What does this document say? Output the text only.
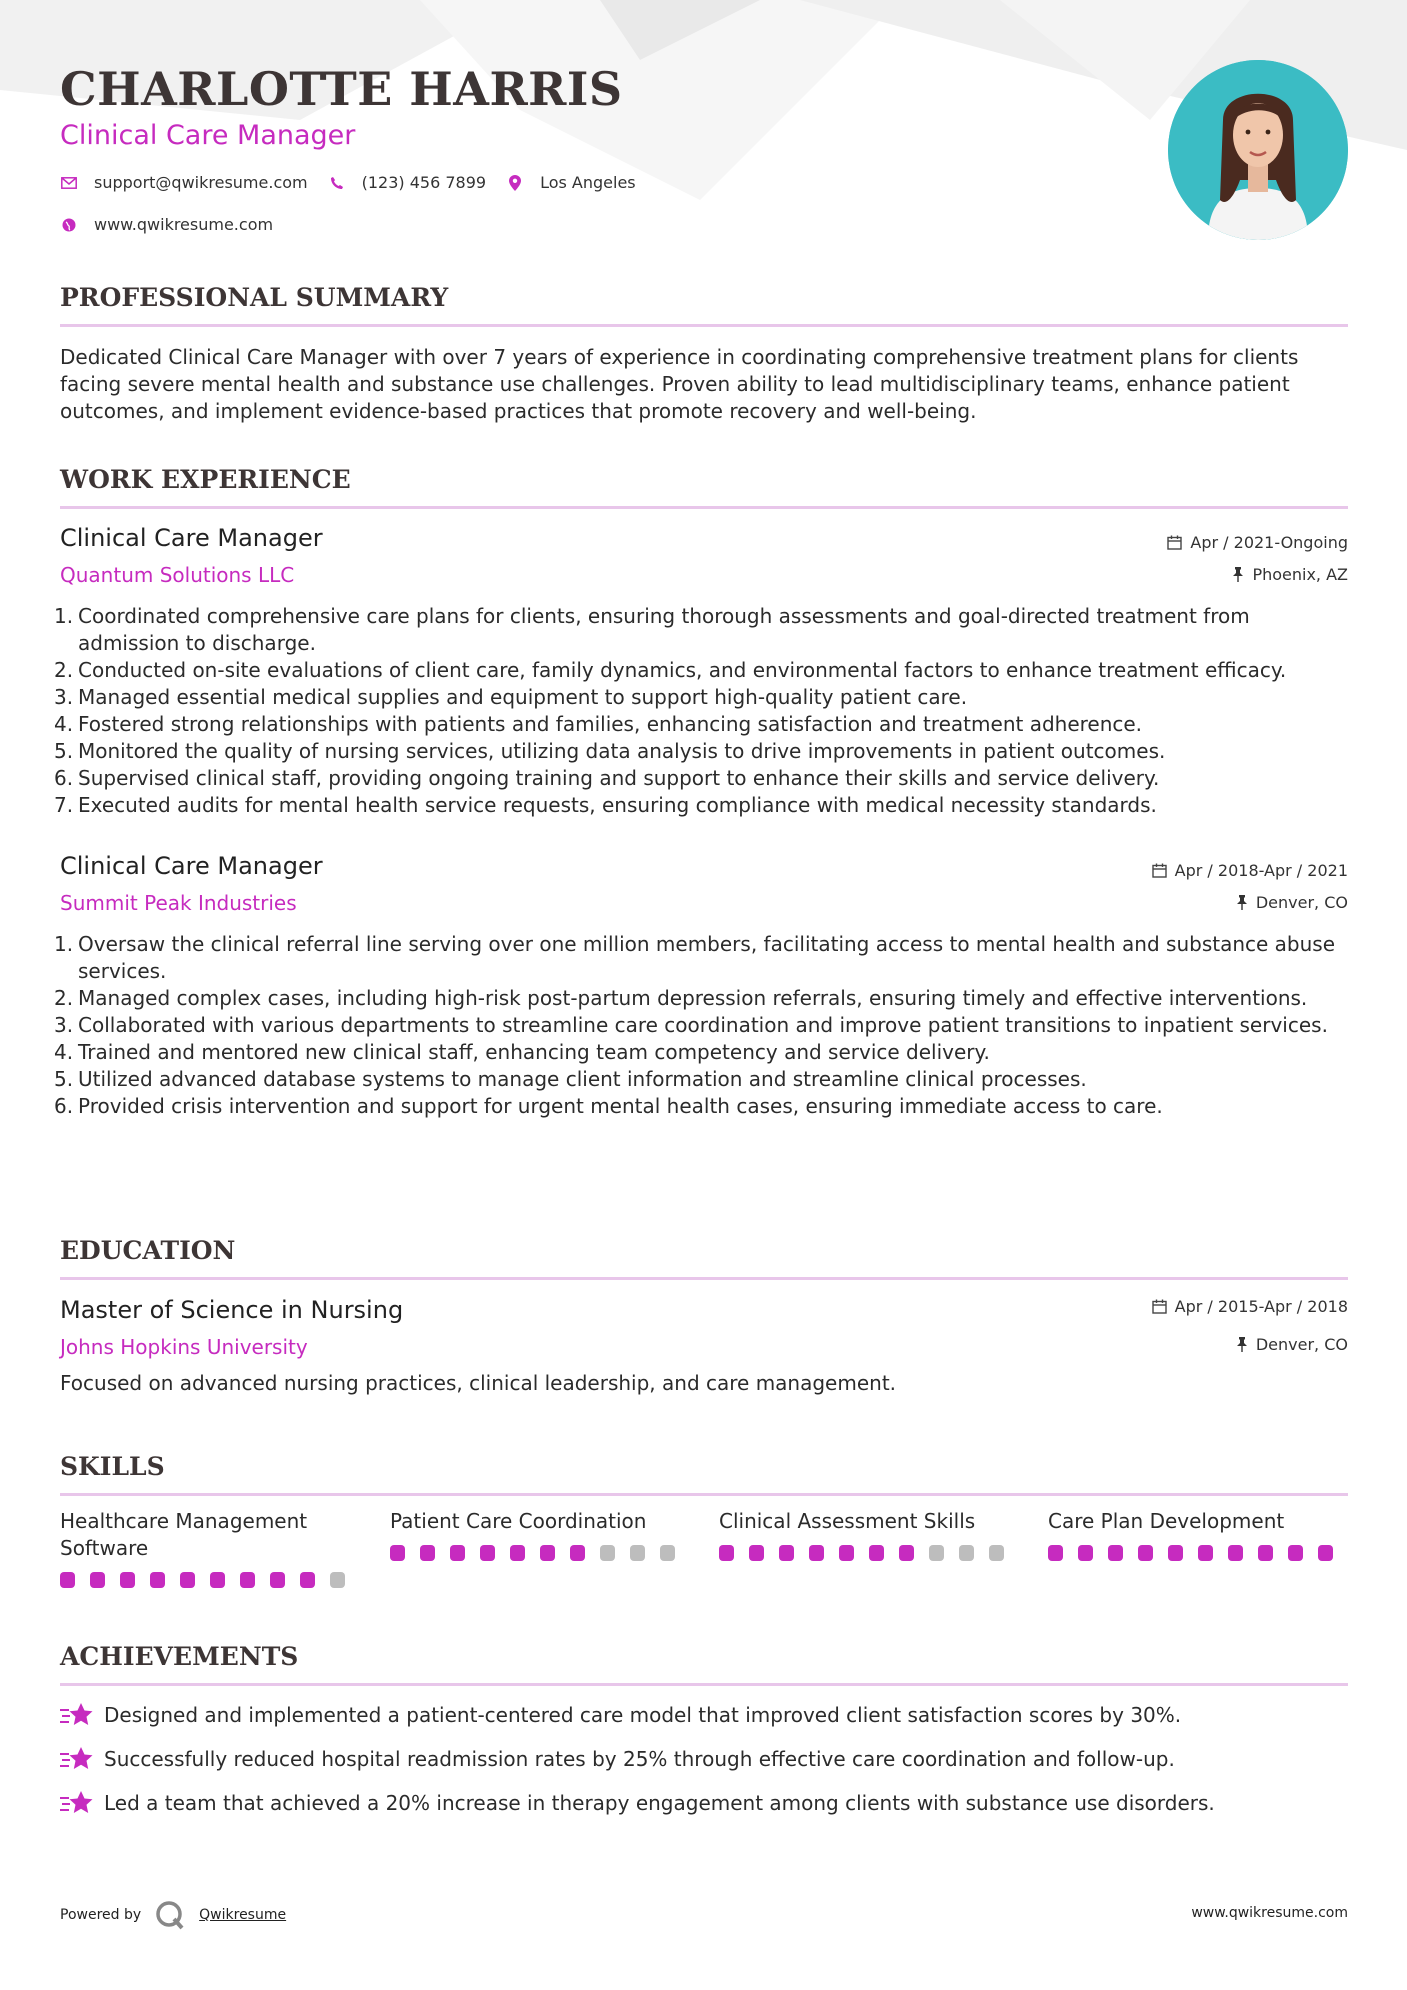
CHARLOTTE HARRIS
Clinical Care Manager
support@qwikresume.com	(123) 456 7899	Los Angeles
www.qwikresume.com
PROFESSIONAL SUMMARY
Dedicated Clinical Care Manager with over 7 years of experience in coordinating comprehensive treatment plans for clients facing severe mental health and substance use challenges. Proven ability to lead multidisciplinary teams, enhance patient outcomes, and implement evidence-based practices that promote recovery and well-being.
WORK EXPERIENCE
Clinical Care Manager
Quantum Solutions LLC
Apr / 2021-Ongoing
Phoenix, AZ
1. Coordinated comprehensive care plans for clients, ensuring thorough assessments and goal-directed treatment from admission to discharge.
2. Conducted on-site evaluations of client care, family dynamics, and environmental factors to enhance treatment efficacy.
3. Managed essential medical supplies and equipment to support high-quality patient care.
4. Fostered strong relationships with patients and families, enhancing satisfaction and treatment adherence.
5. Monitored the quality of nursing services, utilizing data analysis to drive improvements in patient outcomes.
6. Supervised clinical staff, providing ongoing training and support to enhance their skills and service delivery.
7. Executed audits for mental health service requests, ensuring compliance with medical necessity standards.
Clinical Care Manager
Summit Peak Industries
Apr / 2018-Apr / 2021
Denver, CO
1. Oversaw the clinical referral line serving over one million members, facilitating access to mental health and substance abuse services.
2. Managed complex cases, including high-risk post-partum depression referrals, ensuring timely and effective interventions.
3. Collaborated with various departments to streamline care coordination and improve patient transitions to inpatient services.
4. Trained and mentored new clinical staff, enhancing team competency and service delivery.
5. Utilized advanced database systems to manage client information and streamline clinical processes.
6. Provided crisis intervention and support for urgent mental health cases, ensuring immediate access to care.
EDUCATION
Master of Science in Nursing
Johns Hopkins University
Apr / 2015-Apr / 2018
Denver, CO
Focused on advanced nursing practices, clinical leadership, and care management.
SKILLS
Healthcare Management Software
Patient Care Coordination	Clinical Assessment Skills	Care Plan Development
ACHIEVEMENTS
Designed and implemented a patient-centered care model that improved client satisfaction scores by 30%.
Successfully reduced hospital readmission rates by 25% through effective care coordination and follow-up.
Led a team that achieved a 20% increase in therapy engagement among clients with substance use disorders.
Powered by	Qwikresume	www.qwikresume.com
